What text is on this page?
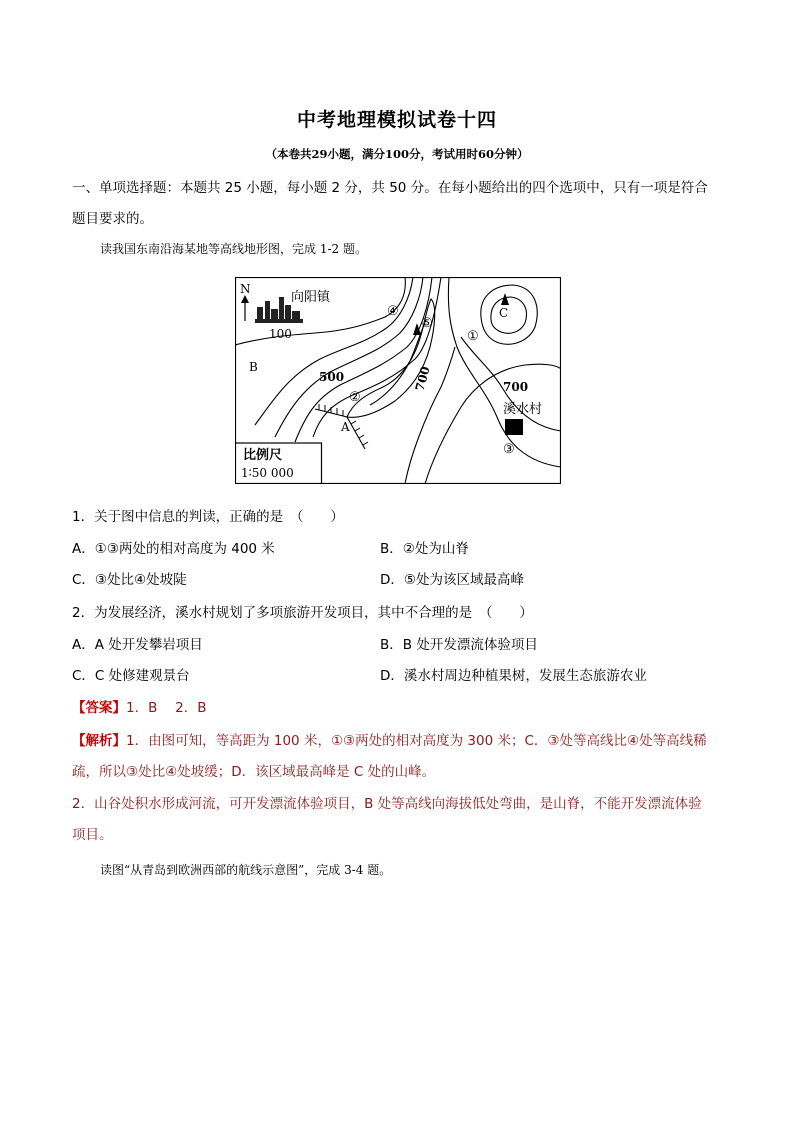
中考地理模拟试卷十四
（本卷共29小题，满分100分，考试用时60分钟）
一、单项选择题：本题共 25 小题，每小题 2 分，共 50 分。在每小题给出的四个选项中，只有一项是符合
题目要求的。
读我国东南沿海某地等高线地形图，完成 1-2 题。
N
向阳镇
100
500	700	700
B
A
C
①
②
③
④
⑤
溪水村
比例尺
1∶50 000
1．关于图中信息的判读，正确的是　（　　）
A．①③两处的相对高度为 400 米	B．②处为山脊
C．③处比④处坡陡	D．⑤处为该区域最高峰
2．为发展经济，溪水村规划了多项旅游开发项目，其中不合理的是　（　　）
A．A 处开发攀岩项目	B．B 处开发漂流体验项目
C．C 处修建观景台	D．溪水村周边种植果树，发展生态旅游农业
【答案】1．B　 2．B
【解析】1．由图可知，等高距为 100 米，①③两处的相对高度为 300 米；C．③处等高线比④处等高线稀
疏，所以③处比④处坡缓；D．该区域最高峰是 C 处的山峰。
2．山谷处积水形成河流，可开发漂流体验项目，B 处等高线向海拔低处弯曲，是山脊，不能开发漂流体验
项目。
读图“从青岛到欧洲西部的航线示意图”，完成 3-4 题。
